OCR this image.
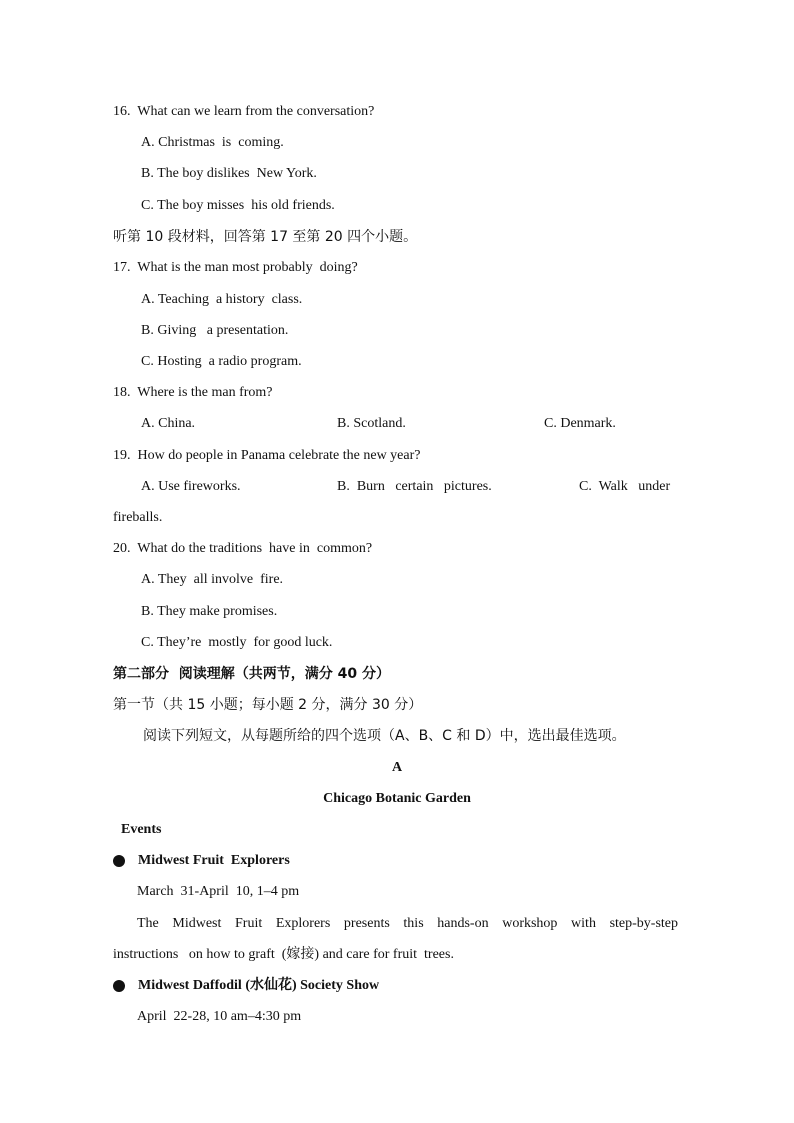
16.  What can we learn from the conversation?
A. Christmas  is  coming.
B. The boy dislikes  New York.
C. The boy misses  his old friends.
听第 10 段材料，回答第 17 至第 20 四个小题。
17.  What is the man most probably  doing?
A. Teaching  a history  class.
B. Giving   a presentation.
C. Hosting  a radio program.
18.  Where is the man from?

A. China.

	B. Scotland.

	C. Denmark.

19.  How do people in Panama celebrate the new year?

A. Use fireworks.

	B.  Burn   certain   pictures.

	C.  Walk   under

fireballs.
20.  What do the traditions  have in  common?
A. They  all involve  fire.
B. They make promises.
C. They’re  mostly  for good luck.
第二部分  阅读理解（共两节，满分 40 分）
第一节（共 15 小题；每小题 2 分，满分 30 分）
阅读下列短文，从每题所给的四个选项（A、B、C 和 D）中，选出最佳选项。
A
Chicago Botanic Garden
Events

Midwest Fruit  Explorers

March  31-April  10, 1–4 pm
The Midwest Fruit Explorers presents this hands-on workshop with step-by-step
instructions   on how to graft  (嫁接) and care for fruit  trees.

Midwest Daffodil (水仙花) Society Show

April  22-28, 10 am–4:30 pm
